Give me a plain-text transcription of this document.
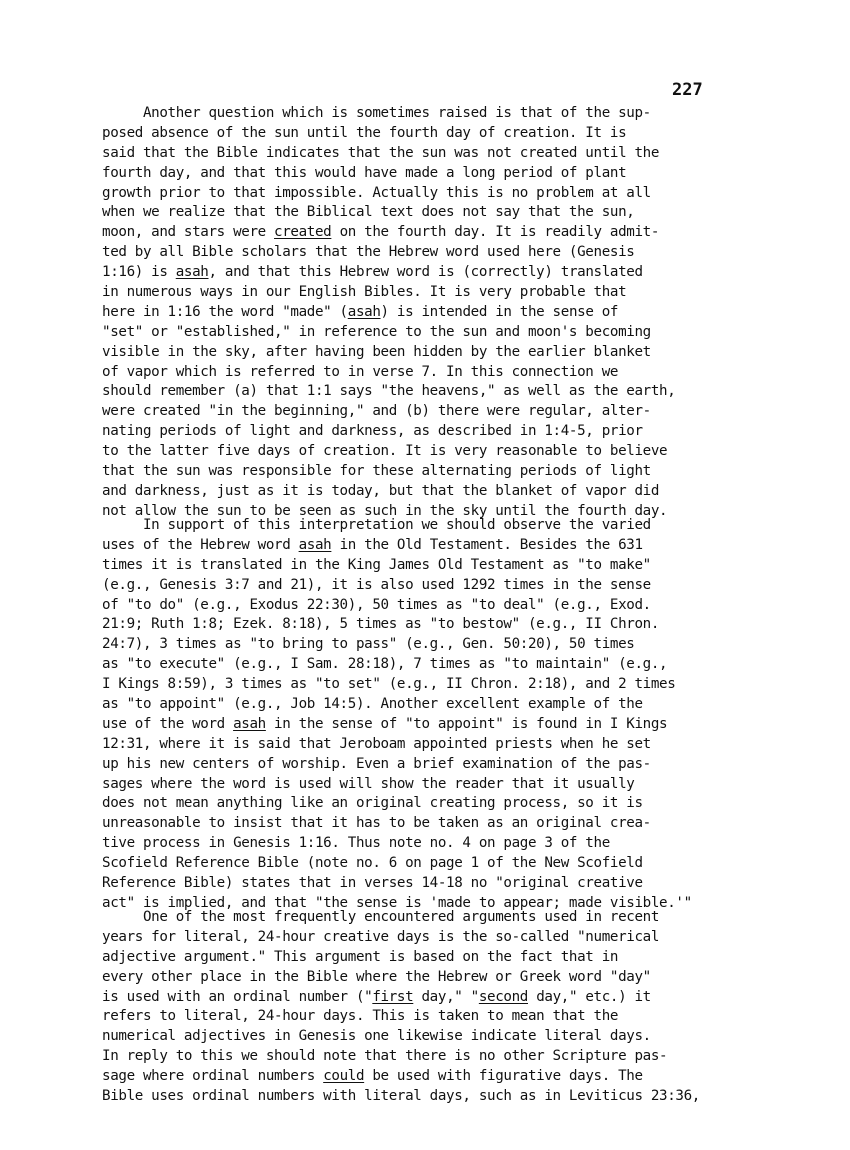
227
Another question which is sometimes raised is that of the sup-
posed absence of the sun until the fourth day of creation. It is
said that the Bible indicates that the sun was not created until the
fourth day, and that this would have made a long period of plant
growth prior to that impossible. Actually this is no problem at all
when we realize that the Biblical text does not say that the sun,
moon, and stars were created on the fourth day. It is readily admit-
ted by all Bible scholars that the Hebrew word used here (Genesis
1:16) is asah, and that this Hebrew word is (correctly) translated
in numerous ways in our English Bibles. It is very probable that
here in 1:16 the word "made" (asah) is intended in the sense of
"set" or "established," in reference to the sun and moon's becoming
visible in the sky, after having been hidden by the earlier blanket
of vapor which is referred to in verse 7. In this connection we
should remember (a) that 1:1 says "the heavens," as well as the earth,
were created "in the beginning," and (b) there were regular, alter-
nating periods of light and darkness, as described in 1:4-5, prior
to the latter five days of creation. It is very reasonable to believe
that the sun was responsible for these alternating periods of light
and darkness, just as it is today, but that the blanket of vapor did
not allow the sun to be seen as such in the sky until the fourth day.
In support of this interpretation we should observe the varied
uses of the Hebrew word asah in the Old Testament. Besides the 631
times it is translated in the King James Old Testament as "to make"
(e.g., Genesis 3:7 and 21), it is also used 1292 times in the sense
of "to do" (e.g., Exodus 22:30), 50 times as "to deal" (e.g., Exod.
21:9; Ruth 1:8; Ezek. 8:18), 5 times as "to bestow" (e.g., II Chron.
24:7), 3 times as "to bring to pass" (e.g., Gen. 50:20), 50 times
as "to execute" (e.g., I Sam. 28:18), 7 times as "to maintain" (e.g.,
I Kings 8:59), 3 times as "to set" (e.g., II Chron. 2:18), and 2 times
as "to appoint" (e.g., Job 14:5). Another excellent example of the
use of the word asah in the sense of "to appoint" is found in I Kings
12:31, where it is said that Jeroboam appointed priests when he set
up his new centers of worship. Even a brief examination of the pas-
sages where the word is used will show the reader that it usually
does not mean anything like an original creating process, so it is
unreasonable to insist that it has to be taken as an original crea-
tive process in Genesis 1:16. Thus note no. 4 on page 3 of the
Scofield Reference Bible (note no. 6 on page 1 of the New Scofield
Reference Bible) states that in verses 14-18 no "original creative
act" is implied, and that "the sense is 'made to appear; made visible.'"
One of the most frequently encountered arguments used in recent
years for literal, 24-hour creative days is the so-called "numerical
adjective argument." This argument is based on the fact that in
every other place in the Bible where the Hebrew or Greek word "day"
is used with an ordinal number ("first day," "second day," etc.) it
refers to literal, 24-hour days. This is taken to mean that the
numerical adjectives in Genesis one likewise indicate literal days.
In reply to this we should note that there is no other Scripture pas-
sage where ordinal numbers could be used with figurative days. The
Bible uses ordinal numbers with literal days, such as in Leviticus 23:36,
